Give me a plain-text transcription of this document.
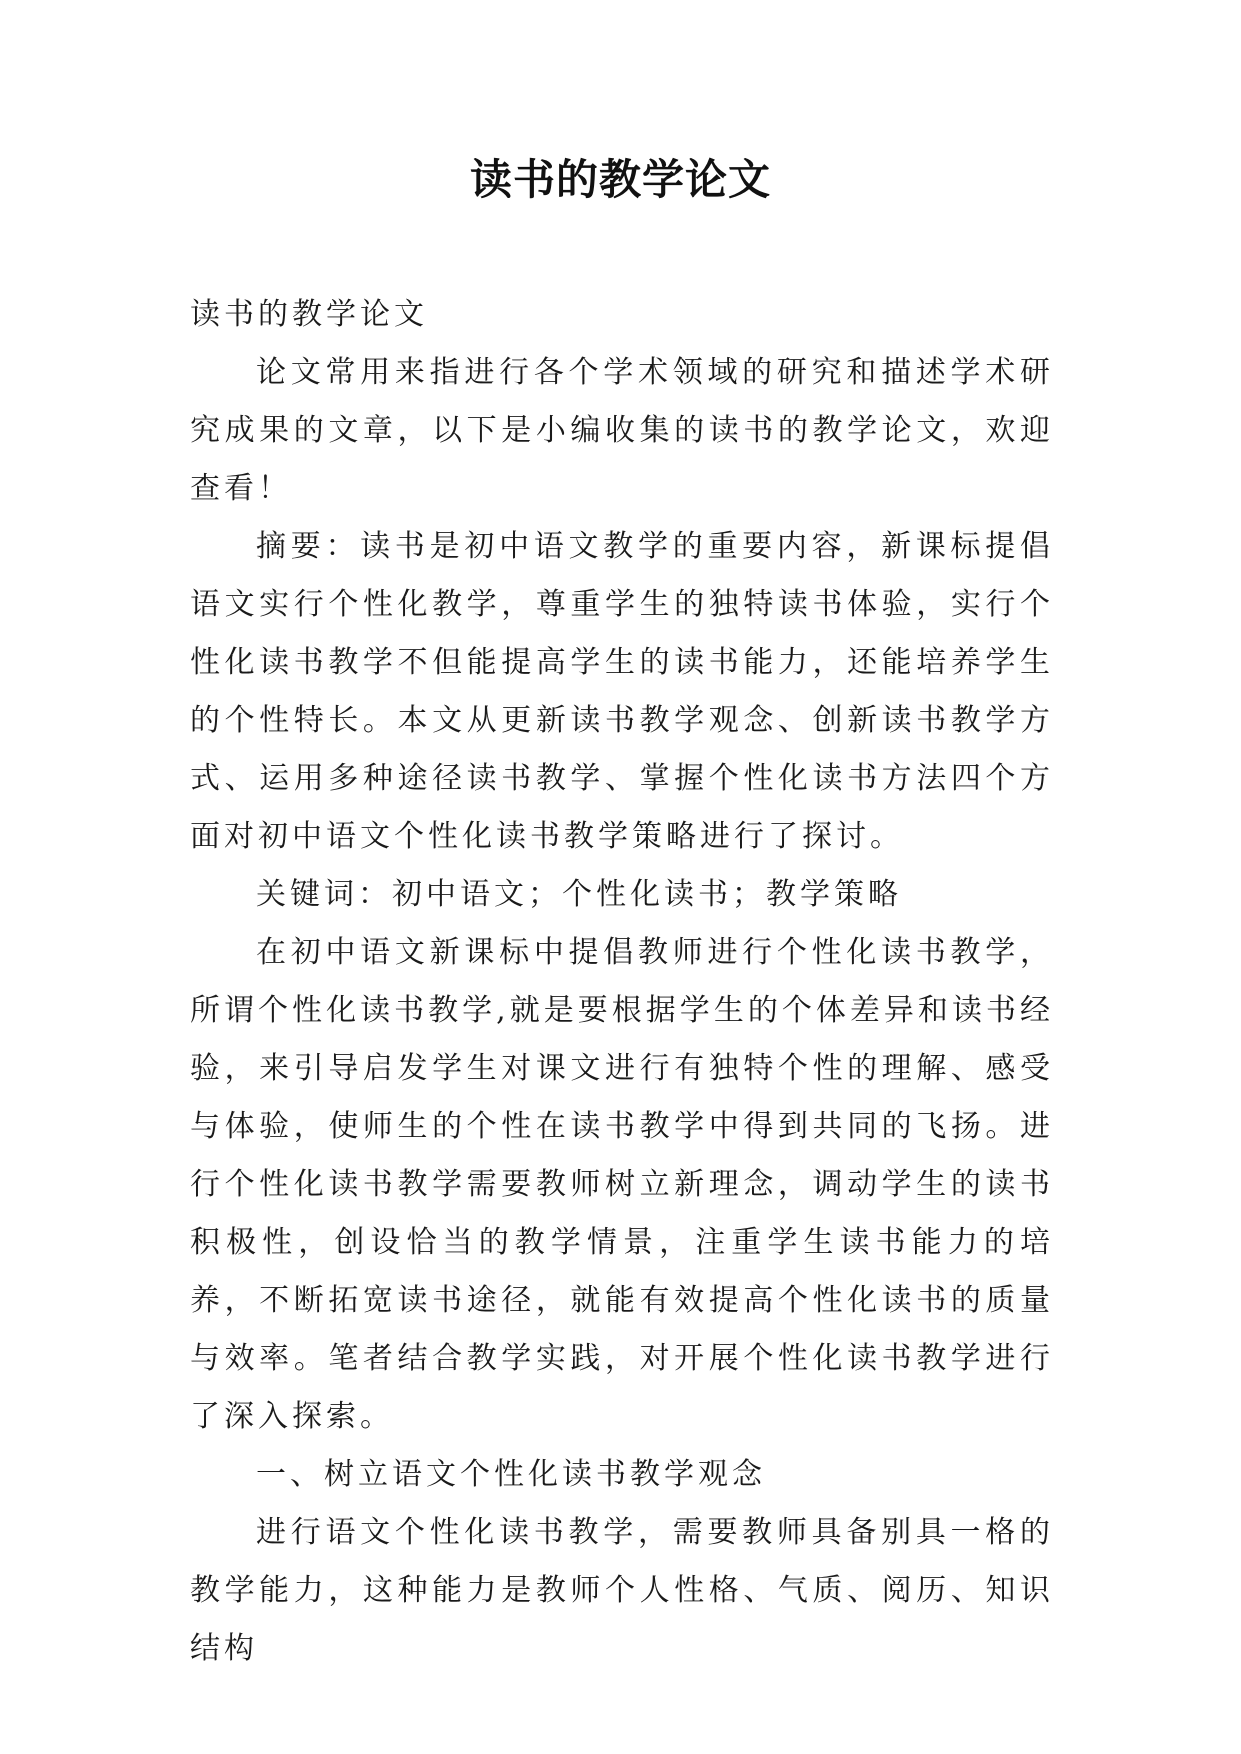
读书的教学论文

读书的教学论文

论文常用来指进行各个学术领域的研究和描述学术研究成果的文章，以下是小编收集的读书的教学论文，欢迎查看！

摘要：读书是初中语文教学的重要内容，新课标提倡语文实行个性化教学，尊重学生的独特读书体验，实行个性化读书教学不但能提高学生的读书能力，还能培养学生的个性特长。本文从更新读书教学观念、创新读书教学方式、运用多种途径读书教学、掌握个性化读书方法四个方面对初中语文个性化读书教学策略进行了探讨。

关键词：初中语文；个性化读书；教学策略

在初中语文新课标中提倡教师进行个性化读书教学，所谓个性化读书教学,就是要根据学生的个体差异和读书经验，来引导启发学生对课文进行有独特个性的理解、感受与体验，使师生的个性在读书教学中得到共同的飞扬。进行个性化读书教学需要教师树立新理念，调动学生的读书积极性，创设恰当的教学情景，注重学生读书能力的培养，不断拓宽读书途径，就能有效提高个性化读书的质量与效率。笔者结合教学实践，对开展个性化读书教学进行了深入探索。

一、树立语文个性化读书教学观念

进行语文个性化读书教学，需要教师具备别具一格的教学能力，这种能力是教师个人性格、气质、阅历、知识结构
